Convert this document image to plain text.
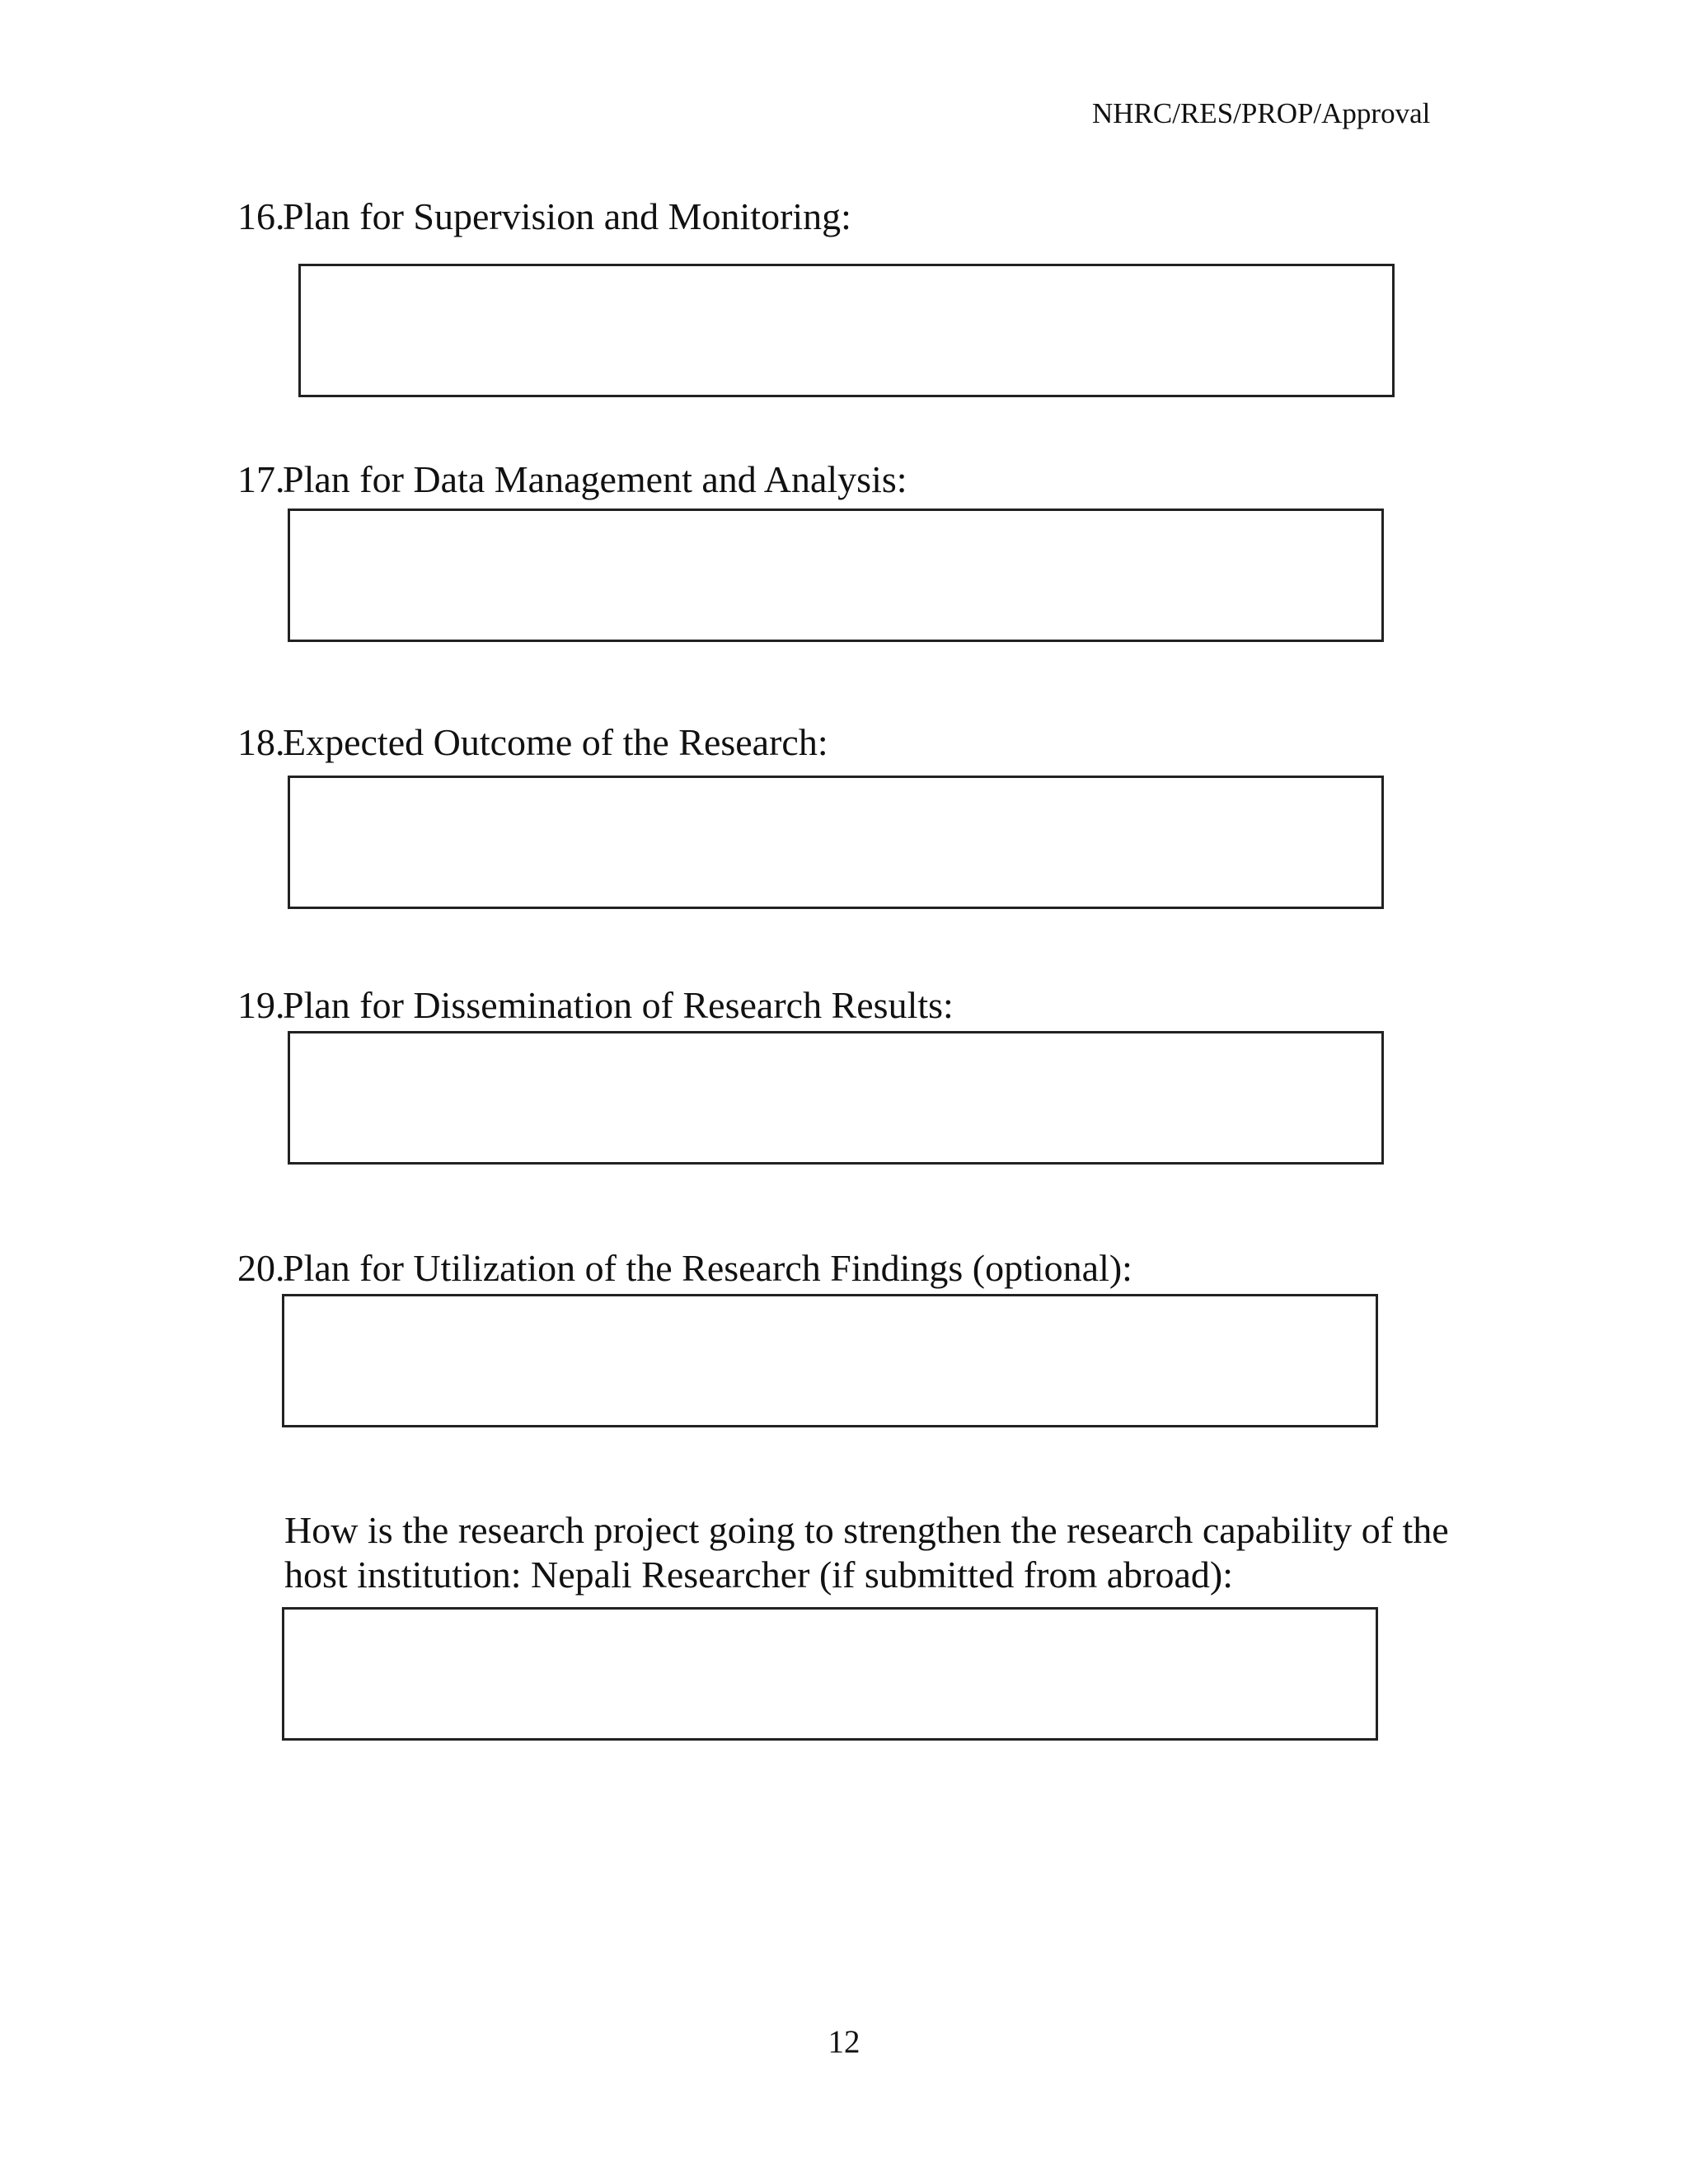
NHRC/RES/PROP/Approval
16.Plan for Supervision and Monitoring:
17.Plan for Data Management and Analysis:
18.Expected Outcome of the Research:
19.Plan for Dissemination of Research Results:
20.Plan for Utilization of the Research Findings (optional):
How is the research project going to strengthen the research capability of the
host institution: Nepali Researcher (if submitted from abroad):
12
